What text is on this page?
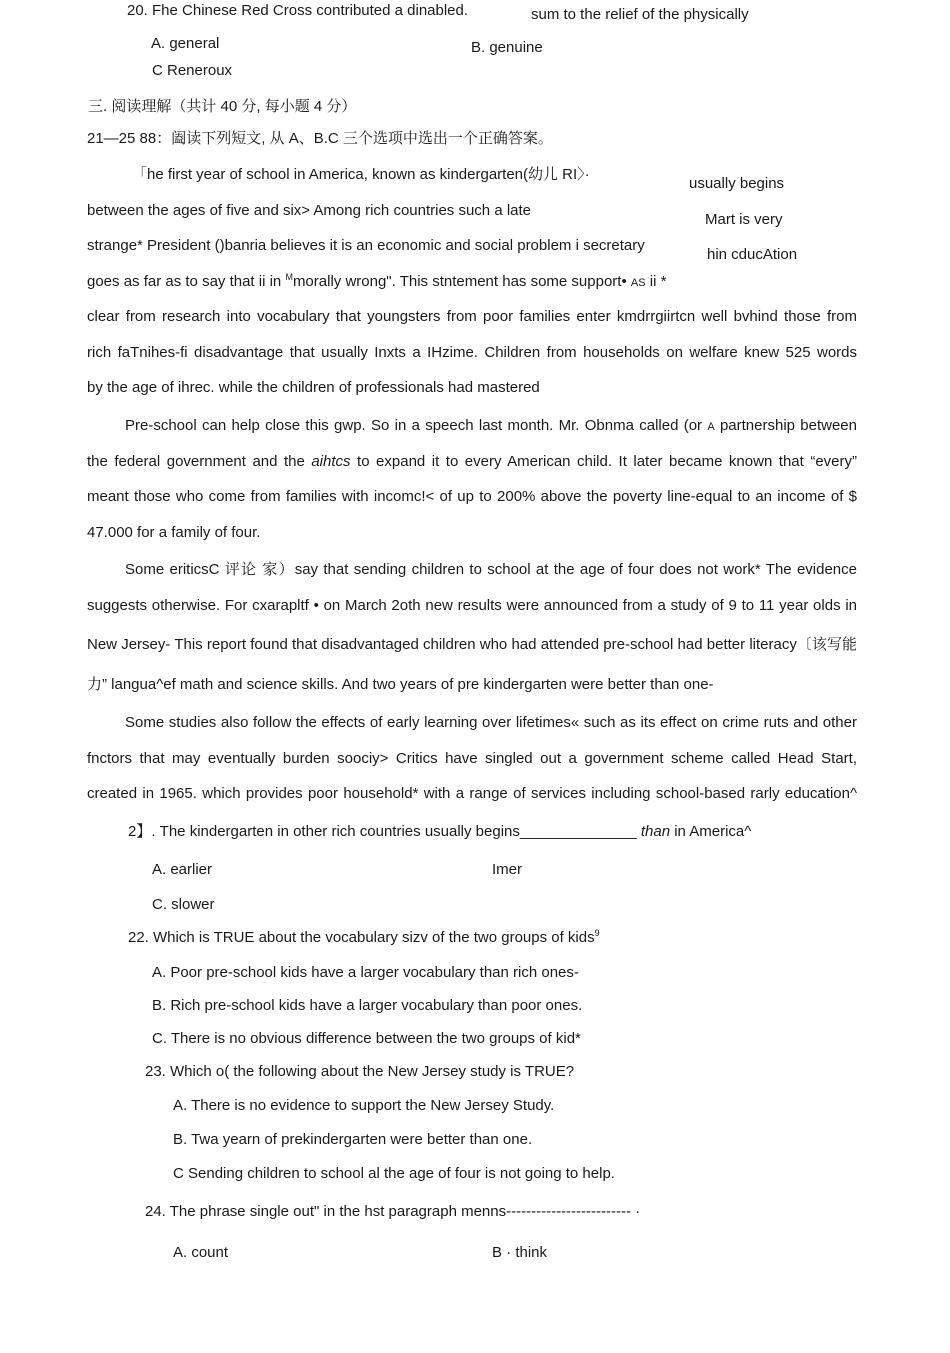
20. Fhe Chinese Red Cross contributed a dinabled.	sum to the relief of the physically
A. general	B. genuine
C Reneroux
三. 阅读理解（共计 40 分, 每小题 4 分）
21—25 88：阖读下列短文, 从 A、B.C 三个选项中选出一个正确答案。
「he first year of school in America, known as kindergarten(幼儿 RI〉·
usually begins
between the ages of five and six> Among rich countries such a late
Mart is very
strange* President ()banria believes it is an economic and social problem i secretary
hin cducAtion
goes as far as to say that ii in $^M$morally wrong". This stntement has some support• AS ii *
clear from research into vocabulary that youngsters from poor families enter kmdrrgiirtcn well bvhind those from
rich faTnihes-fi disadvantage that usually Inxts a IHzime. Children from households on welfare knew 525 words
by the age of ihrec. while the children of professionals had mastered
Pre-school can help close this gwp. So in a speech last month. Mr. Obnma called (or A partnership between
the federal government and the aihtcs to expand it to every American child. It later became known that “every”
meant those who come from families with incomc!< of up to 200% above the poverty line-equal to an income of $
47.000 for a family of four.
Some eriticsC 评论 家）say that sending children to school at the age of four does not work* The evidence
suggests otherwise. For cxarapltf • on March 2oth new results were announced from a study of 9 to 11 year olds in
New Jersey- This report found that disadvantaged children who had attended pre-school had better literacy〔该写能
力” langua^ef math and science skills. And two years of pre kindergarten were better than one-
Some studies also follow the effects of early learning over lifetimes« such as its effect on crime ruts and other
fnctors that may eventually burden soociy> Critics have singled out a government scheme called Head Start,
created in 1965. which provides poor household* with a range of services including school-based rarly education^
2】. The kindergarten in other rich countries usually begins______________ than in America^
A. earlier	Imer
C. slower
22. Which is TRUE about the vocabulary sizv of the two groups of kids$^9$
A. Poor pre-school kids have a larger vocabulary than rich ones-
B. Rich pre-school kids have a larger vocabulary than poor ones.
C. There is no obvious difference between the two groups of kid*
23. Which o( the following about the New Jersey study is TRUE?
A. There is no evidence to support the New Jersey Study.
B. Twa yearn of prekindergarten were better than one.
C Sending children to school al the age of four is not going to help.
24. The phrase single out" in the hst paragraph menns------------------------- ·
A. count	B · think
